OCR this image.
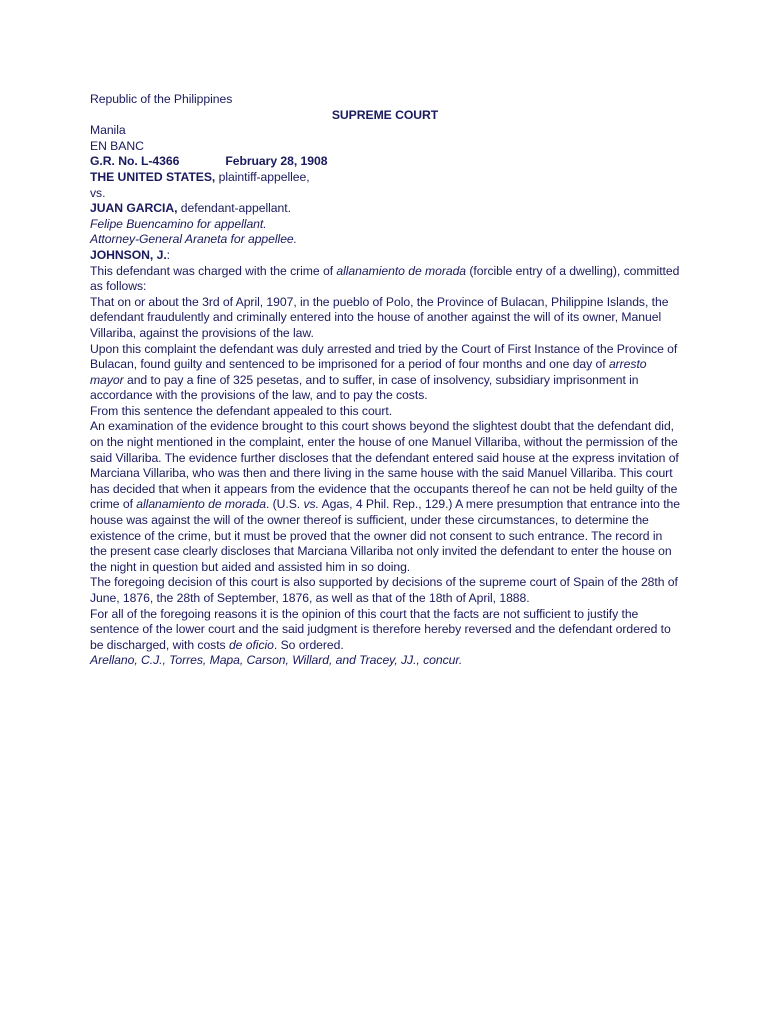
Republic of the Philippines
SUPREME COURT
Manila
EN BANC
G.R. No. L-4366	February 28, 1908
THE UNITED STATES, plaintiff-appellee,
vs.
JUAN GARCIA, defendant-appellant.
Felipe Buencamino for appellant.
Attorney-General Araneta for appellee.
JOHNSON, J.:

This defendant was charged with the crime of allanamiento de morada (forcible entry of a dwelling), committed as follows:

That on or about the 3rd of April, 1907, in the pueblo of Polo, the Province of Bulacan, Philippine Islands, the defendant fraudulently and criminally entered into the house of another against the will of its owner, Manuel Villariba, against the provisions of the law.

Upon this complaint the defendant was duly arrested and tried by the Court of First Instance of the Province of Bulacan, found guilty and sentenced to be imprisoned for a period of four months and one day of arresto mayor and to pay a fine of 325 pesetas, and to suffer, in case of insolvency, subsidiary imprisonment in accordance with the provisions of the law, and to pay the costs.

From this sentence the defendant appealed to this court.

An examination of the evidence brought to this court shows beyond the slightest doubt that the defendant did, on the night mentioned in the complaint, enter the house of one Manuel Villariba, without the permission of the said Villariba. The evidence further discloses that the defendant entered said house at the express invitation of Marciana Villariba, who was then and there living in the same house with the said Manuel Villariba. This court has decided that when it appears from the evidence that the occupants thereof he can not be held guilty of the crime of allanamiento de morada. (U.S. vs. Agas, 4 Phil. Rep., 129.) A mere presumption that entrance into the house was against the will of the owner thereof is sufficient, under these circumstances, to determine the existence of the crime, but it must be proved that the owner did not consent to such entrance. The record in the present case clearly discloses that Marciana Villariba not only invited the defendant to enter the house on the night in question but aided and assisted him in so doing.

The foregoing decision of this court is also supported by decisions of the supreme court of Spain of the 28th of June, 1876, the 28th of September, 1876, as well as that of the 18th of April, 1888.

For all of the foregoing reasons it is the opinion of this court that the facts are not sufficient to justify the sentence of the lower court and the said judgment is therefore hereby reversed and the defendant ordered to be discharged, with costs de oficio. So ordered.

Arellano, C.J., Torres, Mapa, Carson, Willard, and Tracey, JJ., concur.
